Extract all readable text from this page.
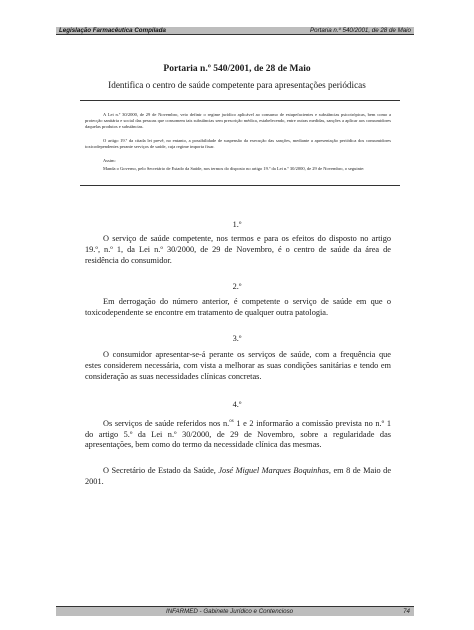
Legislação Farmacêutica Compilada	Portaria n.º 540/2001, de 28 de Maio
Portaria n.º 540/2001, de 28 de Maio
Identifica o centro de saúde competente para apresentações periódicas
A Lei n.º 30/2000, de 29 de Novembro, veio definir o regime jurídico aplicável ao consumo de estupefacientes e substâncias psicotrópicas, bem como a protecção sanitária e social das pessoas que consomem tais substâncias sem prescrição médica, estabelecendo, entre outras medidas, sanções a aplicar aos consumidores daquelas produtos e substâncias.
O artigo 19.º da citada lei prevê, no entanto, a possibilidade de suspensão da execução das sanções, mediante a apresentação periódica dos consumidores toxicodependentes perante serviços de saúde, cuja regime importa fixar.
Assim:
Manda o Governo, pelo Secretário de Estado da Saúde, nos termos do disposto no artigo 19.º da Lei n.º 30/2000, de 29 de Novembro, o seguinte:
1.º
O serviço de saúde competente, nos termos e para os efeitos do disposto no artigo 19.º, n.º 1, da Lei n.º 30/2000, de 29 de Novembro, é o centro de saúde da área de residência do consumidor.
2.º
Em derrogação do número anterior, é competente o serviço de saúde em que o toxicodependente se encontre em tratamento de qualquer outra patologia.
3.º
O consumidor apresentar-se-á perante os serviços de saúde, com a frequência que estes considerem necessária, com vista a melhorar as suas condições sanitárias e tendo em consideração as suas necessidades clínicas concretas.
4.º
Os serviços de saúde referidos nos n.$^{os}$ 1 e 2 informarão a comissão prevista no n.º 1 do artigo 5.º da Lei n.º 30/2000, de 29 de Novembro, sobre a regularidade das apresentações, bem como do termo da necessidade clínica das mesmas.
O Secretário de Estado da Saúde, José Miguel Marques Boquinhas, em 8 de Maio de 2001.
INFARMED - Gabinete Jurídico e Contencioso	74
